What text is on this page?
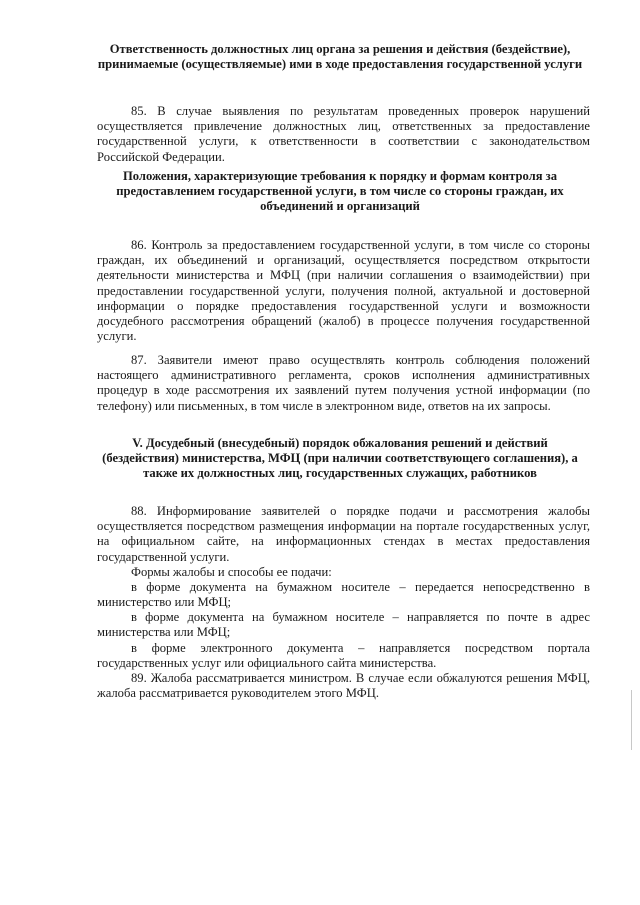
Ответственность должностных лиц органа за решения и действия (бездействие), принимаемые (осуществляемые) ими в ходе предоставления государственной услуги

85. В случае выявления по результатам проведенных проверок нарушений осуществляется привлечение должностных лиц, ответственных за предоставление государственной услуги, к ответственности в соответствии с законодательством Российской Федерации.

Положения, характеризующие требования к порядку и формам контроля за предоставлением государственной услуги, в том числе со стороны граждан, их объединений и организаций

86. Контроль за предоставлением государственной услуги, в том числе со стороны граждан, их объединений и организаций, осуществляется посредством открытости деятельности министерства и МФЦ (при наличии соглашения о взаимодействии) при предоставлении государственной услуги, получения полной, актуальной и достоверной информации о порядке предоставления государственной услуги и возможности досудебного рассмотрения обращений (жалоб) в процессе получения государственной услуги.

87. Заявители имеют право осуществлять контроль соблюдения положений настоящего административного регламента, сроков исполнения административных процедур в ходе рассмотрения их заявлений путем получения устной информации (по телефону) или письменных, в том числе в электронном виде, ответов на их запросы.

V. Досудебный (внесудебный) порядок обжалования решений и действий (бездействия) министерства, МФЦ (при наличии соответствующего соглашения), а также их должностных лиц, государственных служащих, работников

88. Информирование заявителей о порядке подачи и рассмотрения жалобы осуществляется посредством размещения информации на портале государственных услуг, на официальном сайте, на информационных стендах в местах предоставления государственной услуги.

Формы жалобы и способы ее подачи:

в форме документа на бумажном носителе – передается непосредственно в министерство или МФЦ;

в форме документа на бумажном носителе – направляется по почте в адрес министерства или МФЦ;

в форме электронного документа – направляется посредством портала государственных услуг или официального сайта министерства.

89. Жалоба рассматривается министром. В случае если обжалуются решения МФЦ, жалоба рассматривается руководителем этого МФЦ.
